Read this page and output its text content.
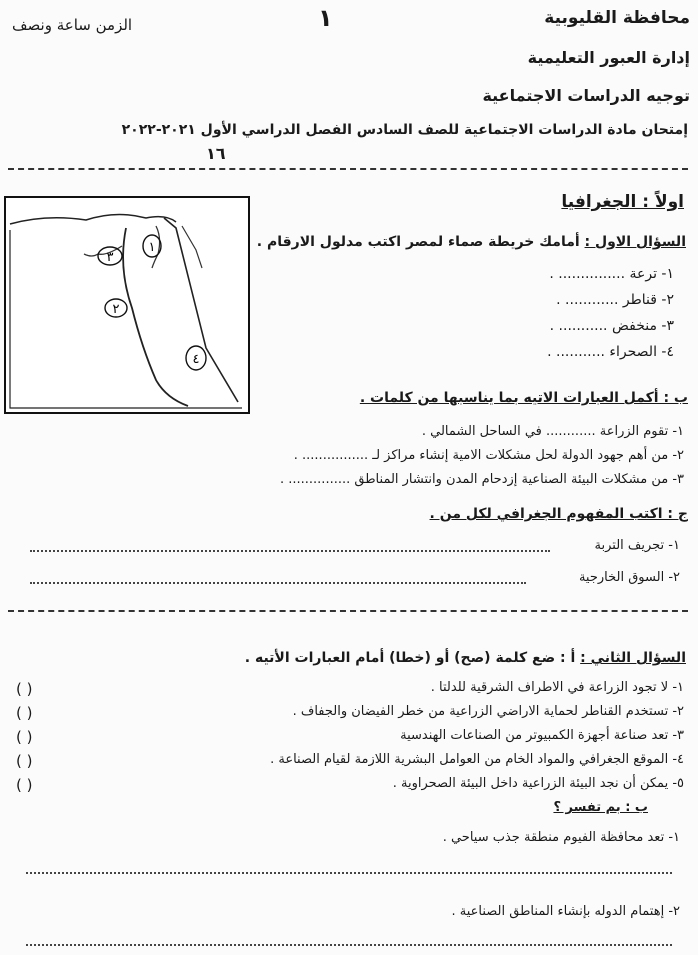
محافظة القليوبية
إدارة العبور التعليمية
توجيه الدراسات الاجتماعية
الزمن ساعة ونصف	١
إمتحان مادة الدراسات الاجتماعية للصف السادس الفصل الدراسي الأول ٢٠٢١-٢٠٢٢
١٦
اولاً : الجغرافيا
السؤال الاول : أمامك خريطة صماء لمصر اكتب مدلول الارقام .
١- ترعة ............... .
٢- قناطر ............ .
٣- منخفض ........... .
٤- الصحراء ........... .
١
٣
٢
٤
ب : أكمل العبارات الاتيه بما يناسبها من كلمات .
١- تقوم الزراعة ............ في الساحل الشمالي .
٢- من أهم جهود الدولة لحل مشكلات الامية إنشاء مراكز لـ ................ .
٣- من مشكلات البيئة الصناعية إزدحام المدن وانتشار المناطق ............... .
ج : اكتب المفهوم الجغرافي لكل من .
١- تجريف التربة
٢- السوق الخارجية
السؤال الثاني : أ : ضع كلمة (صح) أو (خطا) أمام العبارات الأتيه .
١- لا تجود الزراعة في الاطراف الشرقية للدلتا .
٢- تستخدم القناطر لحماية الاراضي الزراعية من خطر الفيضان والجفاف .
٣- تعد صناعة أجهزة الكمبيوتر من الصناعات الهندسية
٤- الموقع الجغرافي والمواد الخام من العوامل البشرية اللازمة لقيام الصناعة .
٥- يمكن أن نجد البيئة الزراعية داخل البيئة الصحراوية .
( )
( )
( )
( )
( )
ب : بم تفسر ؟
١- تعد محافظة الفيوم منطقة جذب سياحي .
٢- إهتمام الدوله بإنشاء المناطق الصناعية .
